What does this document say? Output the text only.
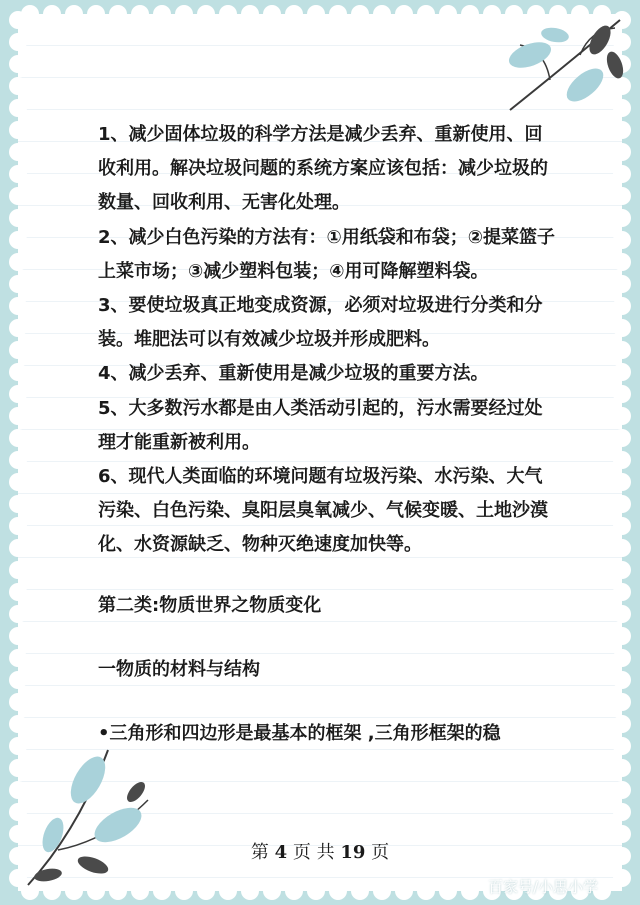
1、减少固体垃圾的科学方法是减少丢弃、重新使用、回收利用。解决垃圾问题的系统方案应该包括：减少垃圾的数量、回收利用、无害化处理。

2、减少白色污染的方法有：①用纸袋和布袋；②提菜篮子上菜市场；③减少塑料包装；④用可降解塑料袋。

3、要使垃圾真正地变成资源，必须对垃圾进行分类和分装。堆肥法可以有效减少垃圾并形成肥料。

4、减少丢弃、重新使用是减少垃圾的重要方法。

5、大多数污水都是由人类活动引起的，污水需要经过处理才能重新被利用。

6、现代人类面临的环境问题有垃圾污染、水污染、大气污染、白色污染、臭阳层臭氧减少、气候变暖、土地沙漠化、水资源缺乏、物种灭绝速度加快等。

第二类:物质世界之物质变化

一物质的材料与结构

•三角形和四边形是最基本的框架 ,三角形框架的稳

第 4 页 共 19 页
百家号/小思小学
